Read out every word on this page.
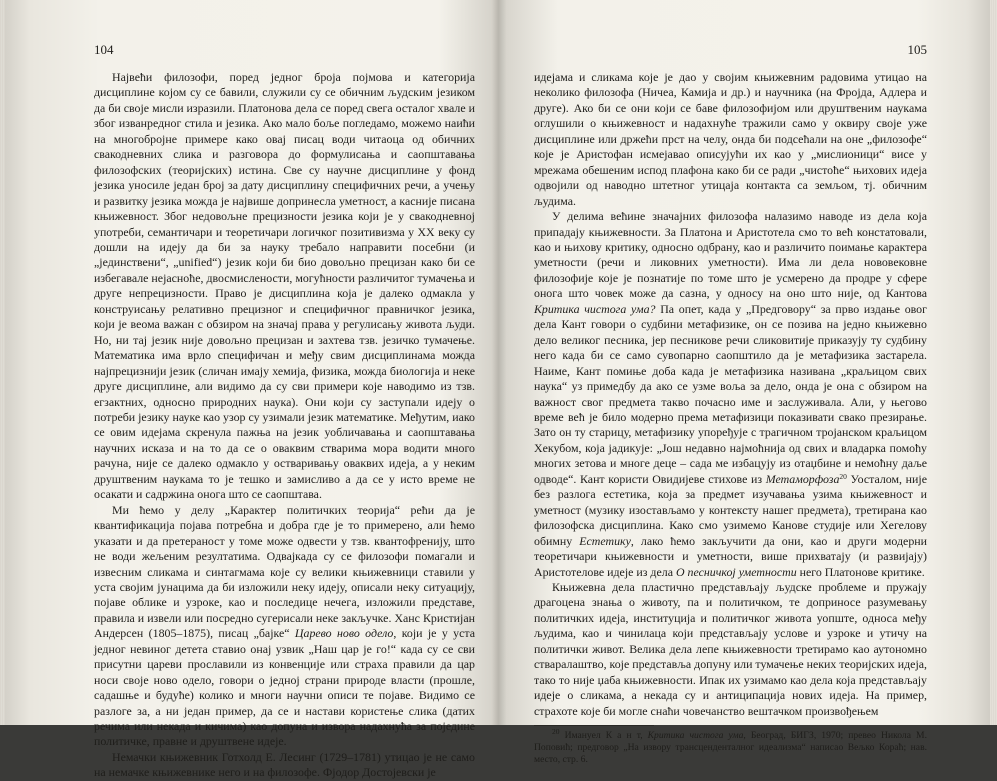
104

Највећи филозофи, поред једног броја појмова и категорија дисциплине којом су се бавили, служили су се обичним људским језиком да би своје мисли изразили. Платонова дела се поред свега осталог хвале и због изванредног стила и језика. Ако мало боље погледамо, можемо наићи на многобројне примере како овај писац води читаоца од обичних свакодневних слика и разговора до формулисања и саопштавања филозофских (теоријских) истина. Све су научне дисциплине у фонд језика уносиле један број за дату дисциплину специфичних речи, а учењу и развитку језика можда је највише допринесла уметност, а касније писана књижевност. Због недовољне прецизности језика који је у свакодневној употреби, семантичари и теоретичари логичког позитивизма у XX веку су дошли на идеју да би за науку требало направити посебни (и „јединствени“, „unified“) језик који би био довољно прецизан како би се избегавале нејасноће, двосмислености, могућности различитог тумачења и друге непрецизности. Право је дисциплина која је далеко одмакла у конструисању релативно прецизног и специфичног правничког језика, који је веома важан с обзиром на значај права у регулисању живота људи. Но, ни тај језик није довољно прецизан и захтева тзв. језичко тумачење. Математика има врло специфичан и међу свим дисциплинама можда најпрецизнији језик (сличан имају хемија, физика, можда биологија и неке друге дисциплине, али видимо да су сви примери које наводимо из тзв. егзактних, односно природних наука). Они који су заступали идеју о потреби језику науке као узор су узимали језик математике. Међутим, иако се овим идејама скренула пажња на језик уобличавања и саопштавања научних исказа и на то да се о оваквим стварима мора водити много рачуна, није се далеко одмакло у остваривању оваквих идеја, а у неким друштвеним наукама то је тешко и замисливо а да се у исто време не осакати и садржина онога што се саопштава.

Ми ћемо у делу „Карактер политичких теорија“ рећи да је квантификација појава потребна и добра где је то примерено, али ћемо указати и да претераност у томе може одвести у тзв. квантофренију, што не води жељеним резултатима. Одвајкада су се филозофи помагали и извесним сликама и синтагмама које су велики књижевници ставили у уста својим јунацима да би изложили неку идеју, описали неку ситуацију, појаве облике и узроке, као и последице нечега, изложили представе, правила и извели или посредно сугерисали неке закључке. Ханс Кристијан Андерсен (1805–1875), писац „бајке“ Царево ново одело, који је у уста једног невиног детета ставио онај узвик „Наш цар је го!“ када су се сви присутни цареви прославили из конвенције или страха правили да цар носи своје ново одело, говори о једној страни природе власти (прошле, садашње и будуће) колико и многи научни описи те појаве. Видимо се разлоге за, а ни један пример, да се и настави користење слика (датих речима или некада и кичима) као допуна и извора надахнућа за поједине политичке, правне и друштвене идеје.

Немачки књижевник Готхолд Е. Лесинг (1729–1781) утицао је не само на немачке књижевнике него и на филозофе. Фјодор Достојевски је

105

идејама и сликама које је дао у својим књижевним радовима утицао на неколико филозофа (Ничеа, Камија и др.) и научника (на Фројда, Адлера и друге). Ако би се они који се баве филозофијом или друштвеним наукама оглушили о књижевност и надахнуће тражили само у оквиру своје уже дисциплине или држећи прст на челу, онда би подсећали на оне „филозофе“ које је Аристофан исмејавао описујући их као у „мислионици“ висе у мрежама обешеним испод плафона како би се ради „чистоће“ њихових идеја одвојили од наводно штетног утицаја контакта са земљом, тј. обичним људима.

У делима већине значајних филозофа налазимо наводе из дела која припадају књижевности. За Платона и Аристотела смо то већ констатовали, као и њихову критику, односно одбрану, као и различито поимање карактера уметности (речи и ликовних уметности). Има ли дела нововековне филозофије које је познатије по томе што је усмерено да продре у сфере онога што човек може да сазна, у односу на оно што није, од Кантова Критика чистога ума? Па опет, када у „Предговору“ за прво издање овог дела Кант говори о судбини метафизике, он се позива на једно књижевно дело великог песника, јер песникове речи сликовитије приказују ту судбину него када би се само сувопарно саопштило да је метафизика застарела. Наиме, Кант помиње доба када је метафизика називана „краљицом свих наука“ уз примедбу да ако се узме воља за дело, онда је она с обзиром на важност свог предмета такво почасно име и заслуживала. Али, у његово време већ је било модерно према метафизици показивати свако презирање. Зато он ту старицу, метафизику упоређује с трагичном тројанском краљицом Хекубом, која јадикује: „Још недавно најмоћнија од свих и владарка помоћу многих зетова и многе деце – сада ме избацују из отаџбине и немоћну даље одводе“. Кант користи Овидијеве стихове из Метаморфоза$^{20}$ Уосталом, није без разлога естетика, која за предмет изучавања узима књижевност и уметност (музику изостављамо у контексту нашег предмета), третирана као филозофска дисциплина. Како смо узимемо Канове студије или Хегелову обимну Естетику, лако ћемо закључити да они, као и други модерни теоретичари књижевности и уметности, више прихватају (и развијају) Аристотелове идеје из дела О песничкој уметности него Платонове критике.

Књижевна дела пластично представљају људске проблеме и пружају драгоцена знања о животу, па и политичком, те доприносе разумевању политичких идеја, институција и политичког живота уопште, односа међу људима, као и чинилаца који представљају услове и узроке и утичу на политички живот. Велика дела лепе књижевности третирамо као аутономно стваралаштво, које представља допуну или тумачење неких теоријских идеја, тако то није џаба књижевности. Ипак их узимамо као дела која представљају идеје о сликама, а некада су и антиципација нових идеја. На пример, страхоте које би могле снаћи човечанство вештачком произвођењем

$^{20}$ Имануел К а н т, Критика чистога ума, Београд, БИГЗ, 1970; превео Никола М. Поповић; предговор „На извору трансценденталног идеализма“ написао Вељко Кораћ; нав. место, стр. 6.
